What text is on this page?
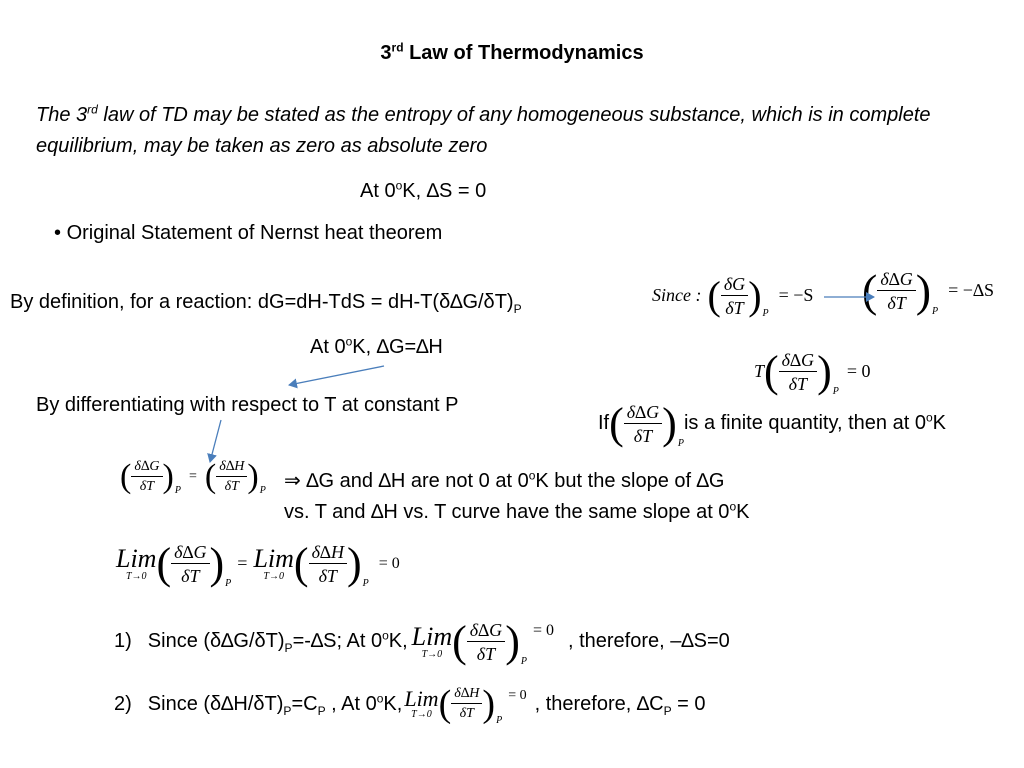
3rd Law of Thermodynamics
The 3rd law of TD may be stated as the entropy of any homogeneous substance, which is in complete equilibrium, may be taken as zero as absolute zero
At 0$^o$K, ∆S = 0
• Original Statement of Nernst heat theorem
By definition, for a reaction: $dG=dH-TdS = dH-T(\delta\Delta G/\delta T)_P$
At 0$^o$K, ∆G=∆H
By differentiating with respect to T at constant P
Since : ( $\frac{\delta G}{\delta T}$ ) P
= −S ( $\frac{\delta\Delta G}{\delta T}$ ) P
= −∆S
T ( $\frac{\delta\Delta G}{\delta T}$ ) P
= 0
If ( $\frac{\delta\Delta G}{\delta T}$ ) P
is a finite quantity, then at 0$^o$K
( $\frac{\delta\Delta G}{\delta T}$ ) P
= ( $\frac{\delta\Delta H}{\delta T}$ ) P ⇒ ∆G and ∆H are not 0 at 0$^o$K but the slope of ∆G
vs. T and ∆H vs. T curve have the same slope at 0$^o$K
Lim
T→0 ( $\frac{\delta\Delta G}{\delta T}$ ) P
= Lim
T→0 ( $\frac{\delta\Delta H}{\delta T}$ ) P
= 0
1) Since $(\delta\Delta G/\delta T)_P=-\Delta S$; At 0$^o$K, Lim
T→0 ( $\frac{\delta\Delta G}{\delta T}$ ) P
= 0 , therefore, –∆S=0
2) Since $(\delta\Delta H/\delta T)_P=C_P$ , At 0$^o$K, Lim
T→0 ( $\frac{\delta\Delta H}{\delta T}$ ) P
= 0 , therefore, $\Delta C_P = 0$
